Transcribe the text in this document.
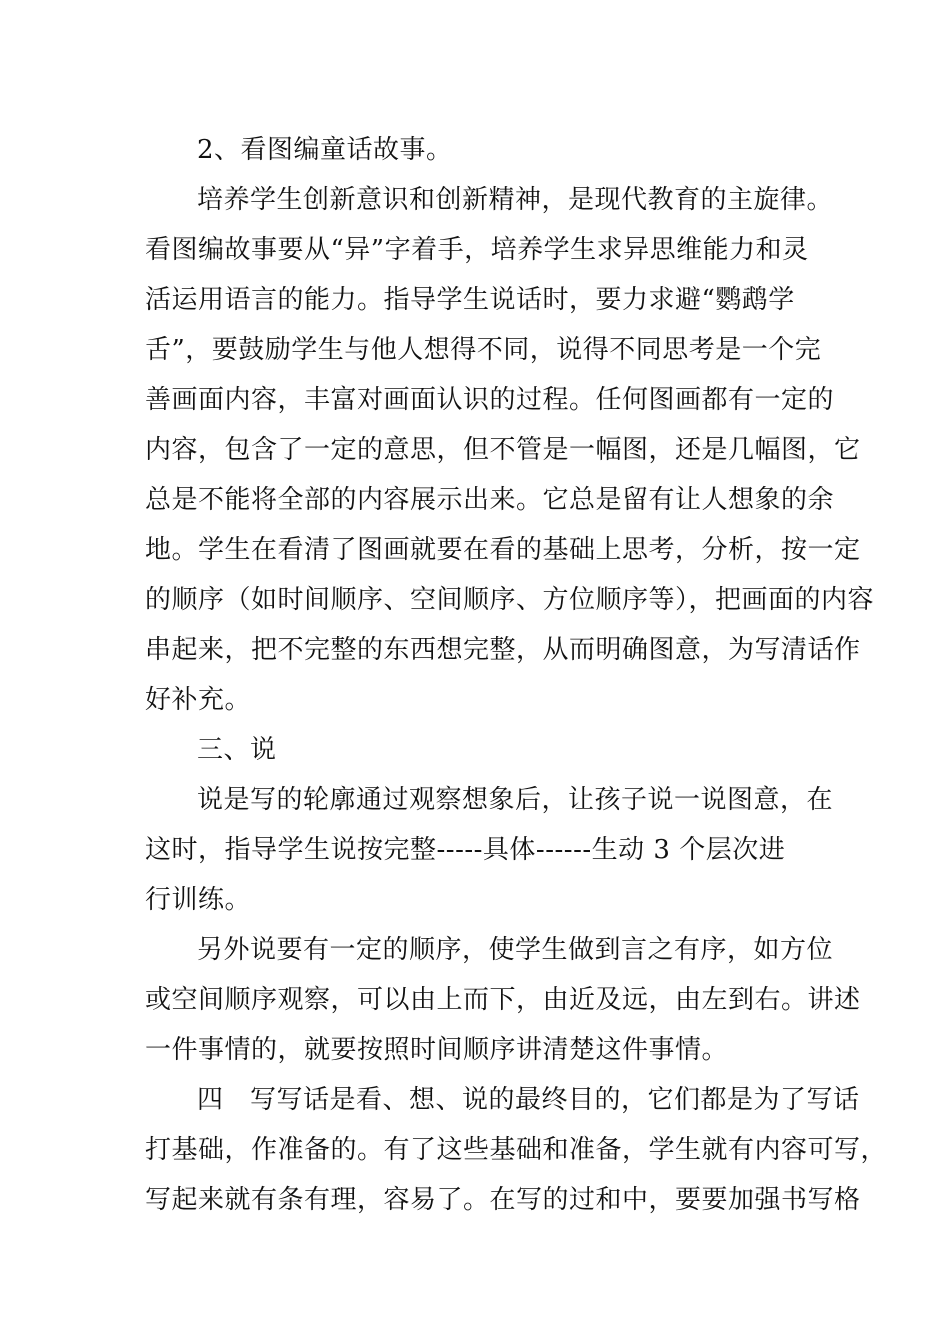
2、看图编童话故事。
培养学生创新意识和创新精神，是现代教育的主旋律。
看图编故事要从“异”字着手，培养学生求异思维能力和灵
活运用语言的能力。指导学生说话时，要力求避“鹦鹉学
舌”，要鼓励学生与他人想得不同，说得不同思考是一个完
善画面内容，丰富对画面认识的过程。任何图画都有一定的
内容，包含了一定的意思，但不管是一幅图，还是几幅图，它
总是不能将全部的内容展示出来。它总是留有让人想象的余
地。学生在看清了图画就要在看的基础上思考，分析，按一定
的顺序（如时间顺序、空间顺序、方位顺序等），把画面的内容
串起来，把不完整的东西想完整，从而明确图意，为写清话作
好补充。
三、说
说是写的轮廓通过观察想象后，让孩子说一说图意，在
这时，指导学生说按完整-----具体------生动 3 个层次进
行训练。
另外说要有一定的顺序，使学生做到言之有序，如方位
或空间顺序观察，可以由上而下，由近及远，由左到右。讲述
一件事情的，就要按照时间顺序讲清楚这件事情。
四　写写话是看、想、说的最终目的，它们都是为了写话
打基础，作准备的。有了这些基础和准备，学生就有内容可写，
写起来就有条有理，容易了。在写的过和中，要要加强书写格
